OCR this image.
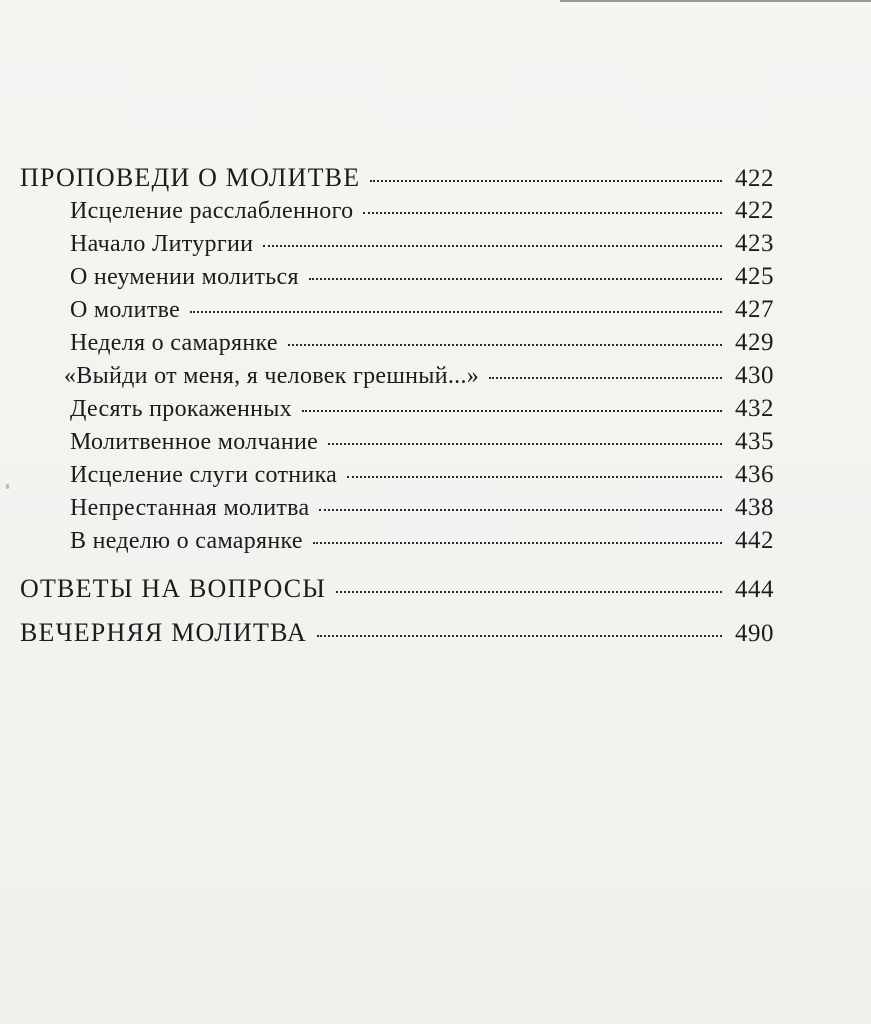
ПРОПОВЕДИ О МОЛИТВЕ	422
Исцеление расслабленного	422
Начало Литургии	423
О неумении молиться	425
О молитве	427
Неделя о самарянке	429
«Выйди от меня, я человек грешный...»	430
Десять прокаженных	432
Молитвенное молчание	435
Исцеление слуги сотника	436
Непрестанная молитва	438
В неделю о самарянке	442
ОТВЕТЫ НА ВОПРОСЫ	444
ВЕЧЕРНЯЯ МОЛИТВА	490
